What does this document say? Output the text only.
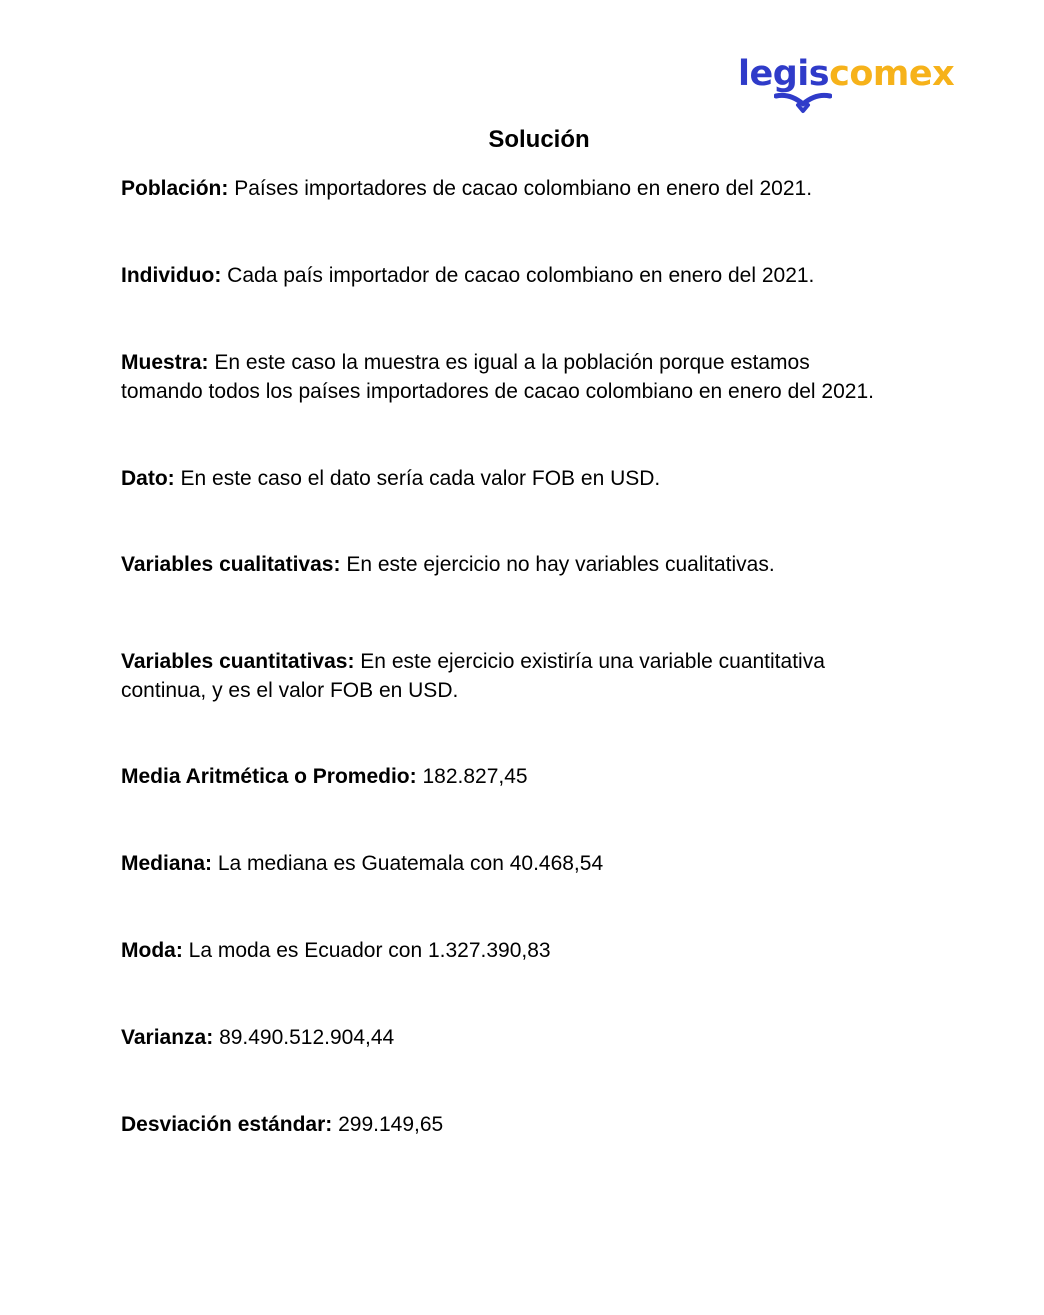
legiscomex
Solución
Población: Países importadores de cacao colombiano en enero del 2021.
Individuo: Cada país importador de cacao colombiano en enero del 2021.
Muestra: En este caso la muestra es igual a la población porque estamos
tomando todos los países importadores de cacao colombiano en enero del 2021.
Dato: En este caso el dato sería cada valor FOB en USD.
Variables cualitativas: En este ejercicio no hay variables cualitativas.
Variables cuantitativas: En este ejercicio existiría una variable cuantitativa
continua, y es el valor FOB en USD.
Media Aritmética o Promedio: 182.827,45
Mediana: La mediana es Guatemala con 40.468,54
Moda: La moda es Ecuador con 1.327.390,83
Varianza: 89.490.512.904,44
Desviación estándar: 299.149,65
